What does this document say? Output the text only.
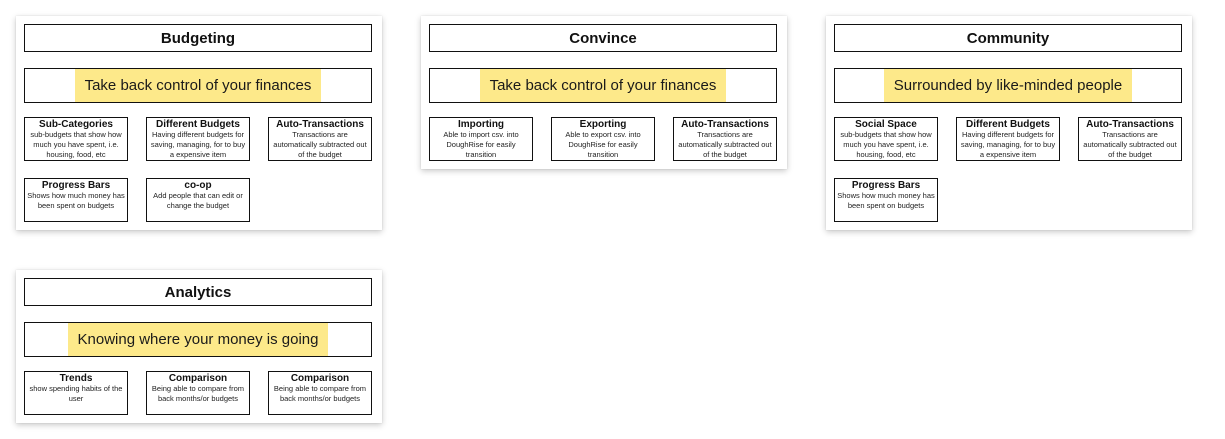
Budgeting
Take back control of your finances
Sub-Categories
sub-budgets that show how much you have spent, i.e. housing, food, etc
Different Budgets
Having different budgets for saving, managing, for to buy a expensive item
Auto-Transactions
Transactions are automatically subtracted out of the budget
Progress Bars
Shows how much money has been spent on budgets
co-op
Add people that can edit or change the budget
Convince
Take back control of your finances
Importing
Able to import csv. into DoughRise for easily transition
Exporting
Able to export csv. into DoughRise for easily transition
Auto-Transactions
Transactions are automatically subtracted out of the budget
Community
Surrounded by like-minded people
Social Space
sub-budgets that show how much you have spent, i.e. housing, food, etc
Different Budgets
Having different budgets for saving, managing, for to buy a expensive item
Auto-Transactions
Transactions are automatically subtracted out of the budget
Progress Bars
Shows how much money has been spent on budgets
Analytics
Knowing where your money is going
Trends
show spending habits of the user
Comparison
Being able to compare from back months/or budgets
Comparison
Being able to compare from back months/or budgets
